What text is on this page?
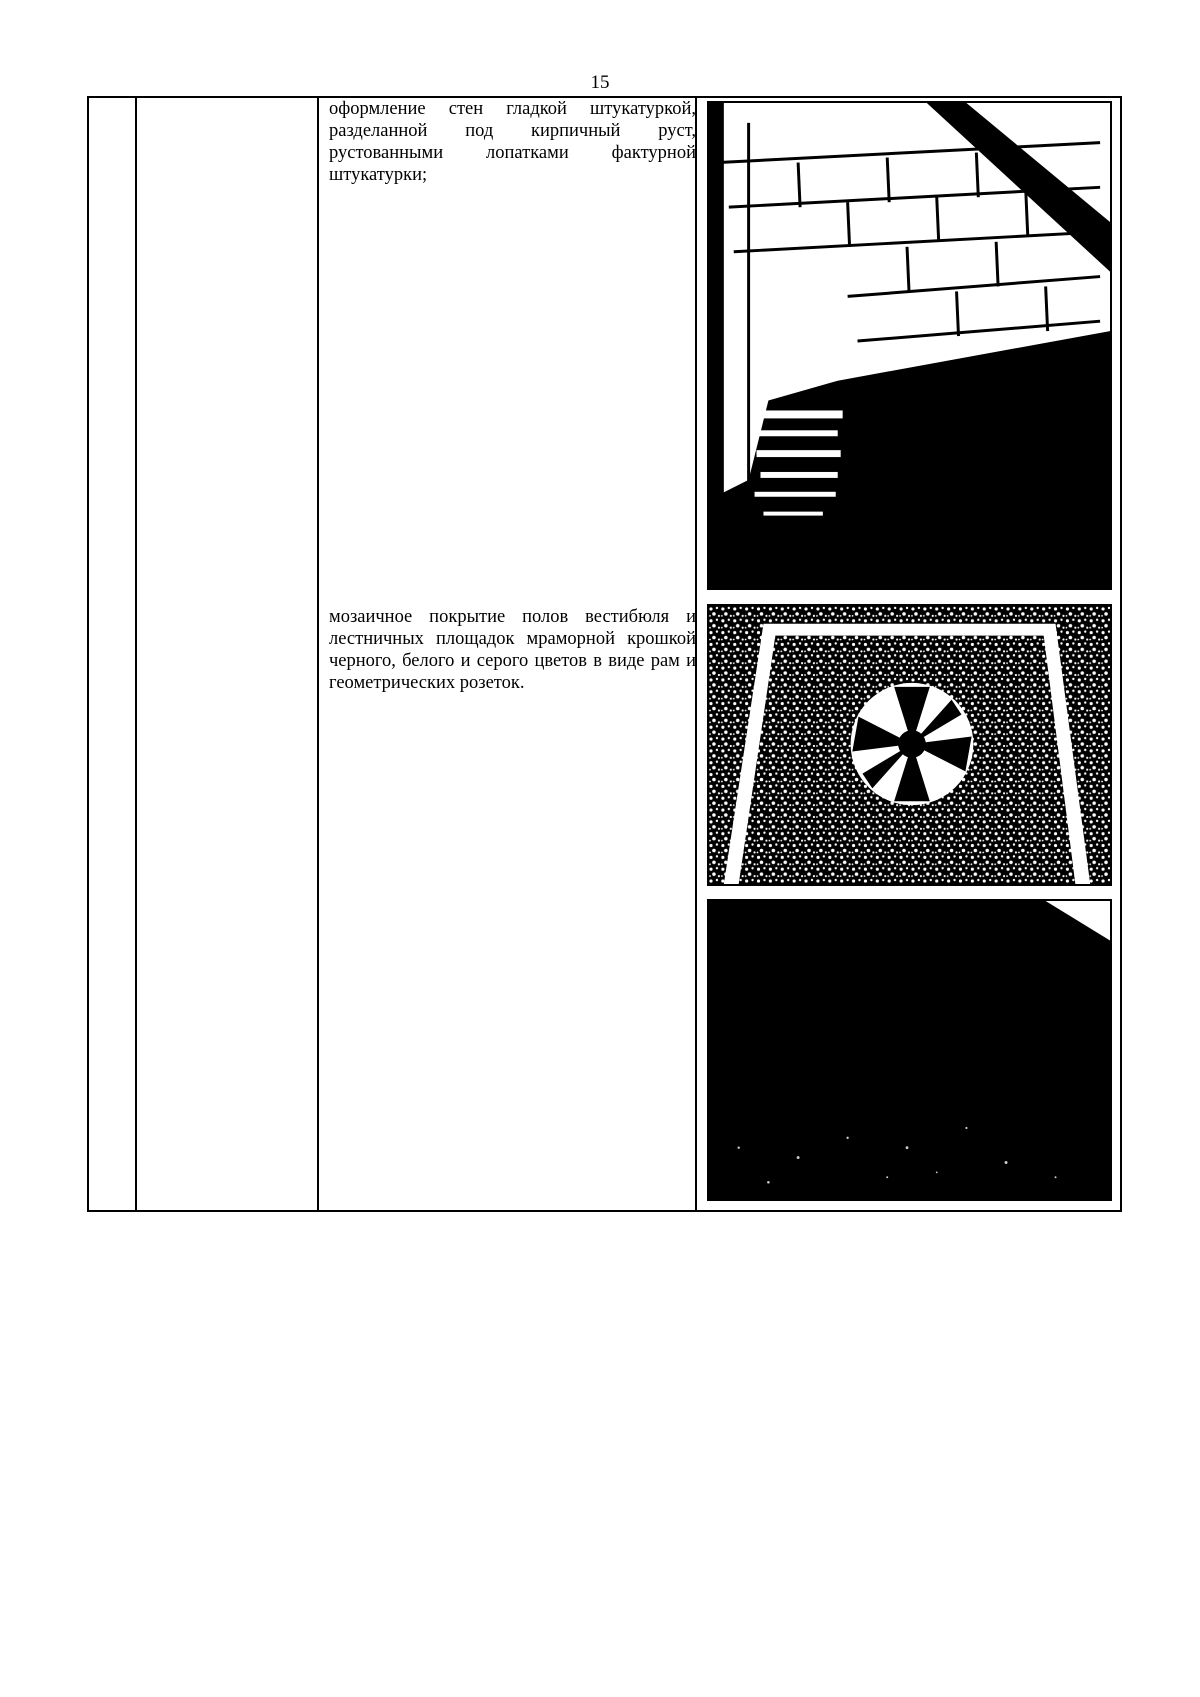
15
оформление стен гладкой штукатуркой, разделанной под кирпичный руст, рустованными лопатками фактурной штукатурки;
мозаичное покрытие полов вестибюля и лестничных площадок мраморной крошкой черного, белого и серого цветов в виде рам и геометрических розеток.
